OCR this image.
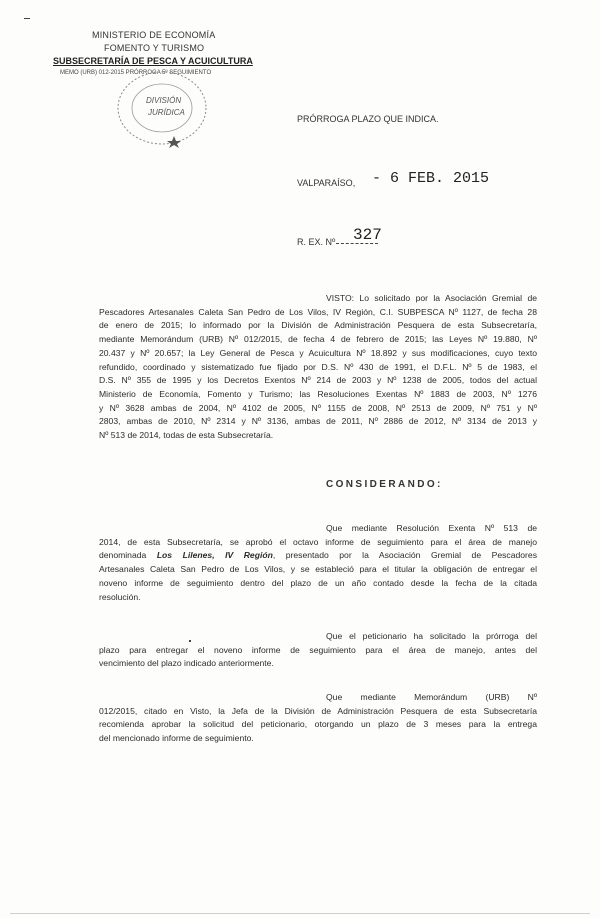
MINISTERIO DE ECONOMÍA
FOMENTO Y TURISMO
SUBSECRETARÍA DE PESCA Y ACUICULTURA
MEMO (URB) 012-2015 PRÓRROGA 5º SEGUIMIENTO
DIVISIÓN
JURÍDICA
PRÓRROGA PLAZO QUE INDICA.
VALPARAÍSO, - 6 FEB. 2015
R. EX. Nº 327
VISTO: Lo solicitado por la Asociación Gremial de
Pescadores Artesanales Caleta San Pedro de Los Vilos, IV Región, C.I. SUBPESCA Nº 1127, de fecha 28
de enero de 2015; lo informado por la División de Administración Pesquera de esta Subsecretaría,
mediante Memorándum (URB) Nº 012/2015, de fecha 4 de febrero de 2015; las Leyes Nº 19.880, Nº
20.437 y Nº 20.657; la Ley General de Pesca y Acuicultura Nº 18.892 y sus modificaciones, cuyo texto
refundido, coordinado y sistematizado fue fijado por D.S. Nº 430 de 1991, el D.F.L. Nº 5 de 1983, el
D.S. Nº 355 de 1995 y los Decretos Exentos Nº 214 de 2003 y Nº 1238 de 2005, todos del actual
Ministerio de Economía, Fomento y Turismo; las Resoluciones Exentas Nº 1883 de 2003, Nº 1276
y Nº 3628 ambas de 2004, Nº 4102 de 2005, Nº 1155 de 2008, Nº 2513 de 2009, Nº 751 y Nº
2803, ambas de 2010, Nº 2314 y Nº 3136, ambas de 2011, Nº 2886 de 2012, Nº 3134 de 2013 y
Nº 513 de 2014, todas de esta Subsecretaría.
CONSIDERANDO:
Que mediante Resolución Exenta Nº 513 de
2014, de esta Subsecretaría, se aprobó el octavo informe de seguimiento para el área de manejo
denominada Los Lilenes, IV Región, presentado por la Asociación Gremial de Pescadores
Artesanales Caleta San Pedro de Los Vilos, y se estableció para el titular la obligación de entregar el
noveno informe de seguimiento dentro del plazo de un año contado desde la fecha de la citada
resolución.
Que el peticionario ha solicitado la prórroga del
plazo para entregar el noveno informe de seguimiento para el área de manejo, antes del
vencimiento del plazo indicado anteriormente.
Que mediante Memorándum (URB) Nº
012/2015, citado en Visto, la Jefa de la División de Administración Pesquera de esta Subsecretaría
recomienda aprobar la solicitud del peticionario, otorgando un plazo de 3 meses para la entrega
del mencionado informe de seguimiento.
